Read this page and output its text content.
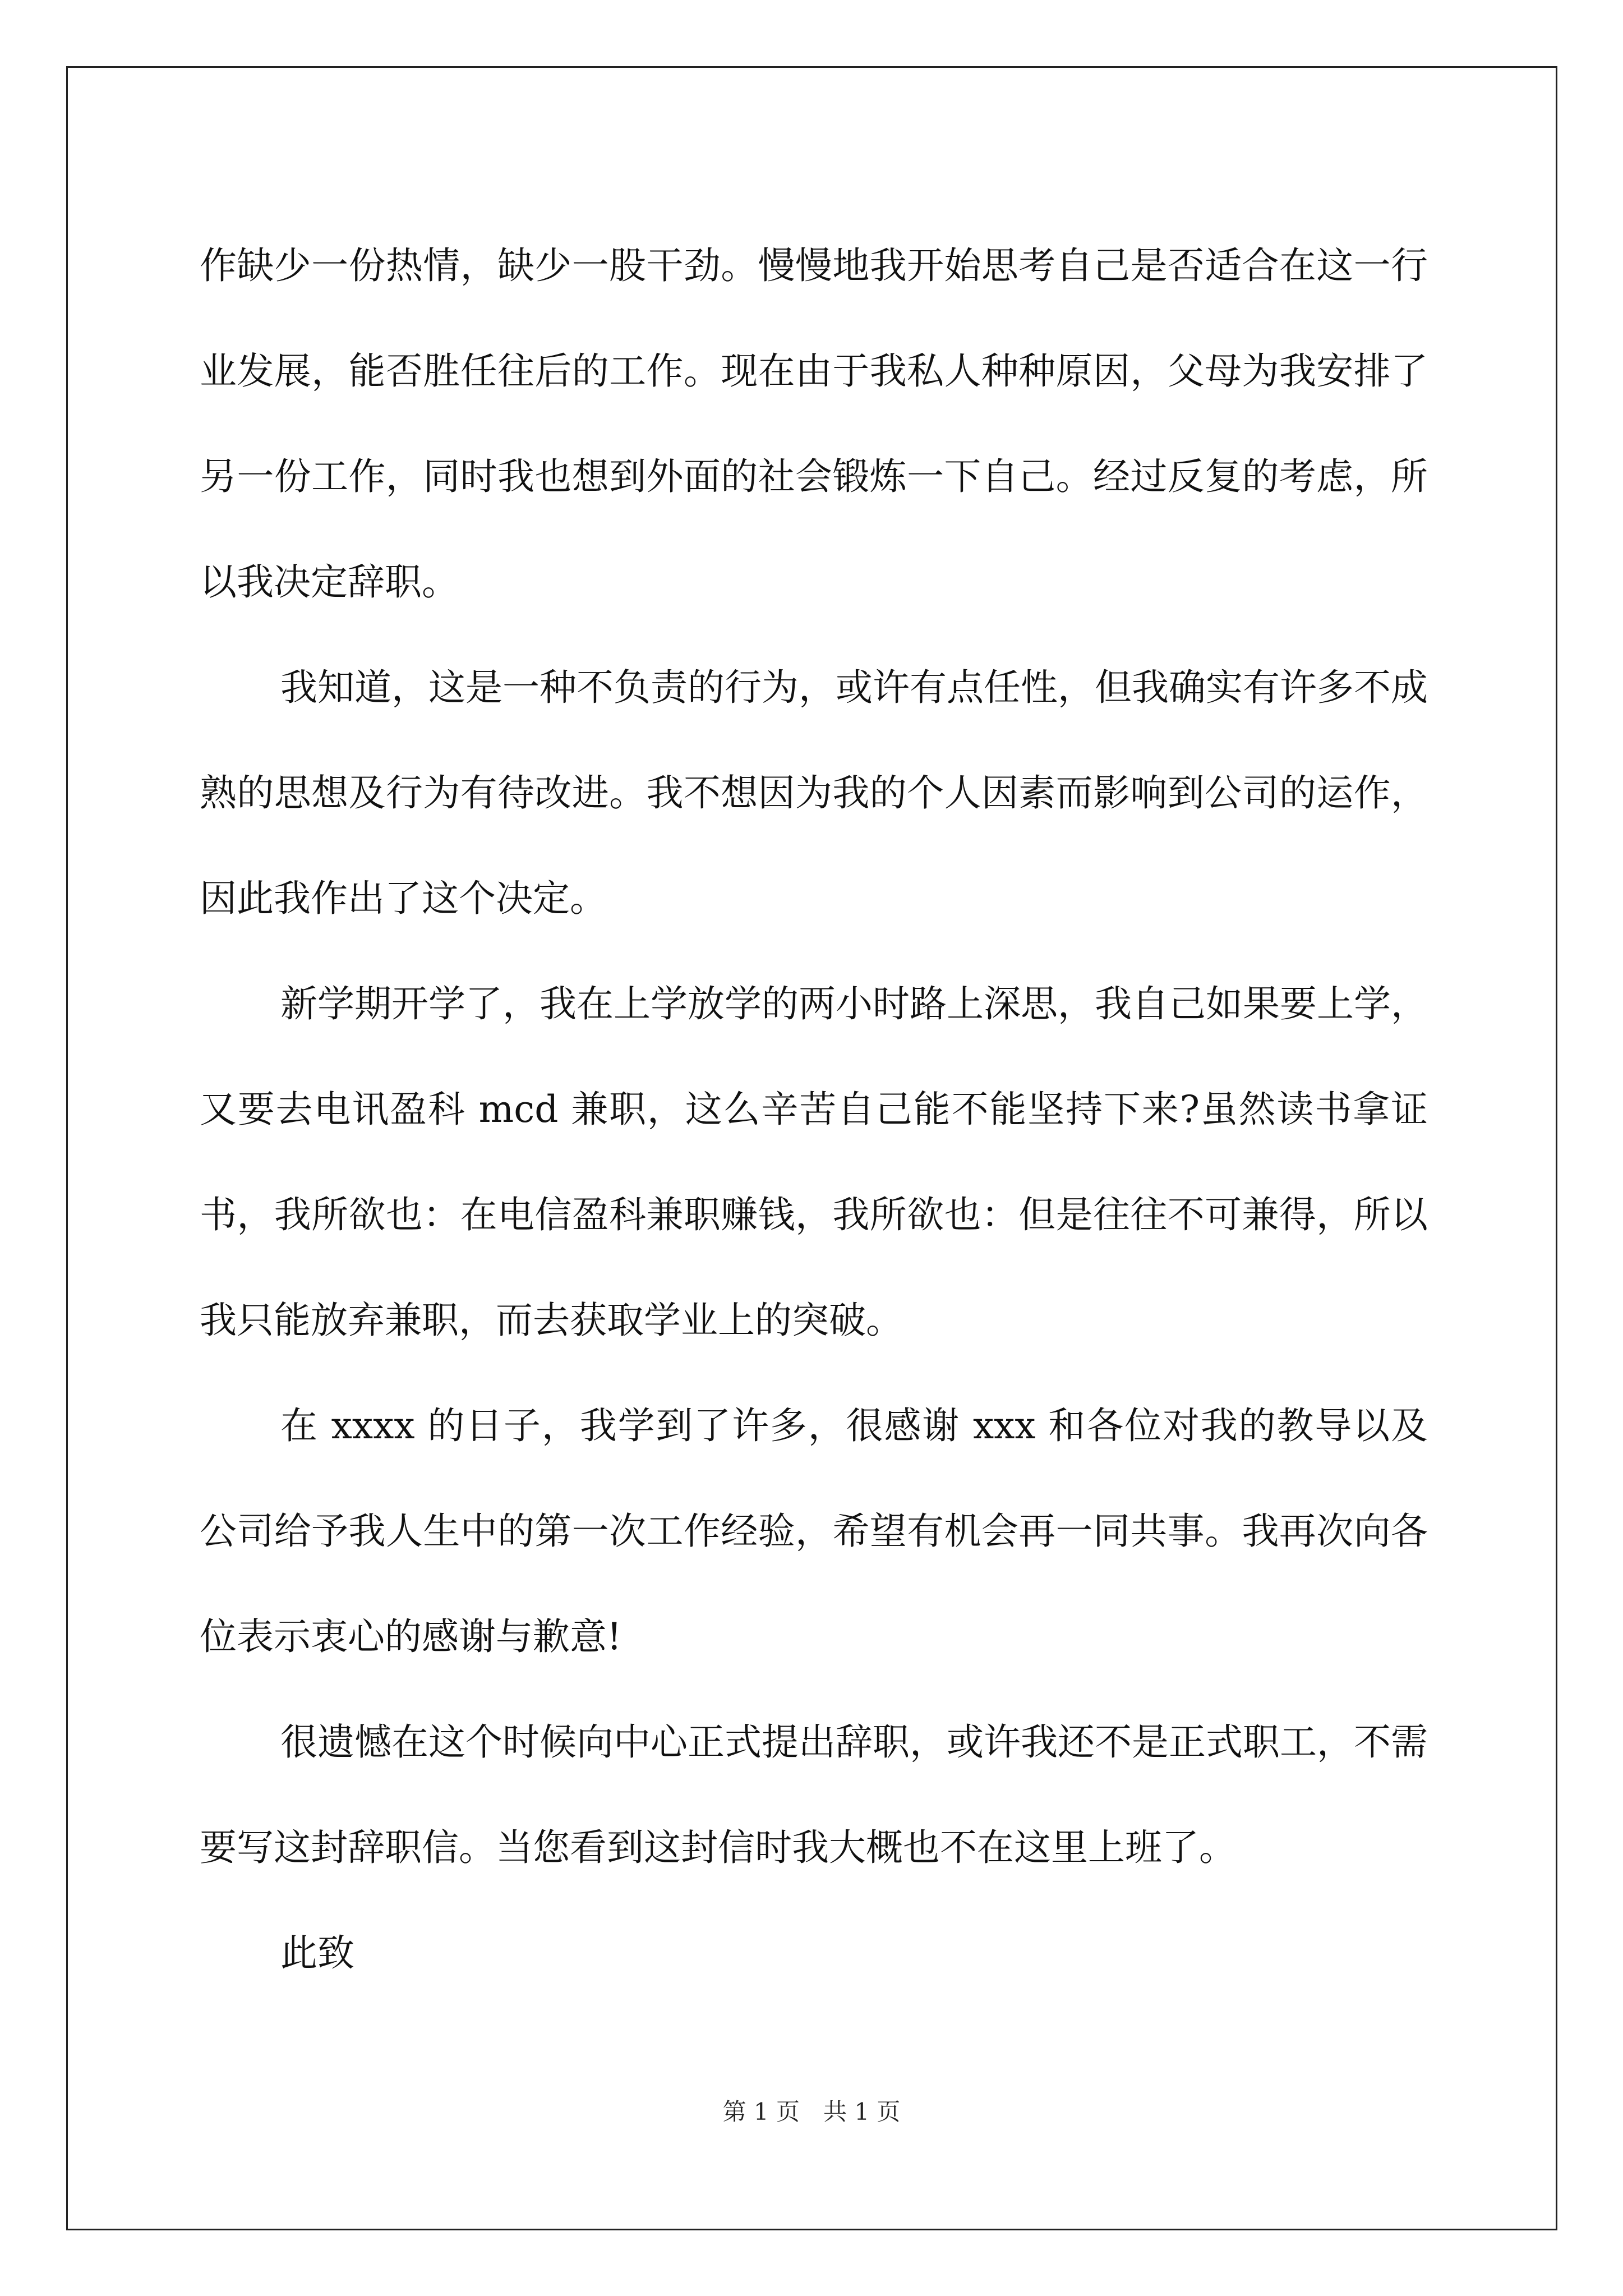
作缺少一份热情，缺少一股干劲。慢慢地我开始思考自己是否适合在这一行业发展，能否胜任往后的工作。现在由于我私人种种原因，父母为我安排了另一份工作，同时我也想到外面的社会锻炼一下自己。经过反复的考虑，所以我决定辞职。

我知道，这是一种不负责的行为，或许有点任性，但我确实有许多不成熟的思想及行为有待改进。我不想因为我的个人因素而影响到公司的运作，因此我作出了这个决定。

新学期开学了，我在上学放学的两小时路上深思，我自己如果要上学，又要去电讯盈科 mcd 兼职，这么辛苦自己能不能坚持下来?虽然读书拿证书，我所欲也：在电信盈科兼职赚钱，我所欲也：但是往往不可兼得，所以我只能放弃兼职，而去获取学业上的突破。

在 xxxx 的日子，我学到了许多，很感谢 xxx 和各位对我的教导以及公司给予我人生中的第一次工作经验，希望有机会再一同共事。我再次向各位表示衷心的感谢与歉意!

很遗憾在这个时候向中心正式提出辞职，或许我还不是正式职工，不需要写这封辞职信。当您看到这封信时我大概也不在这里上班了。

此致

第 1 页　共 1 页
